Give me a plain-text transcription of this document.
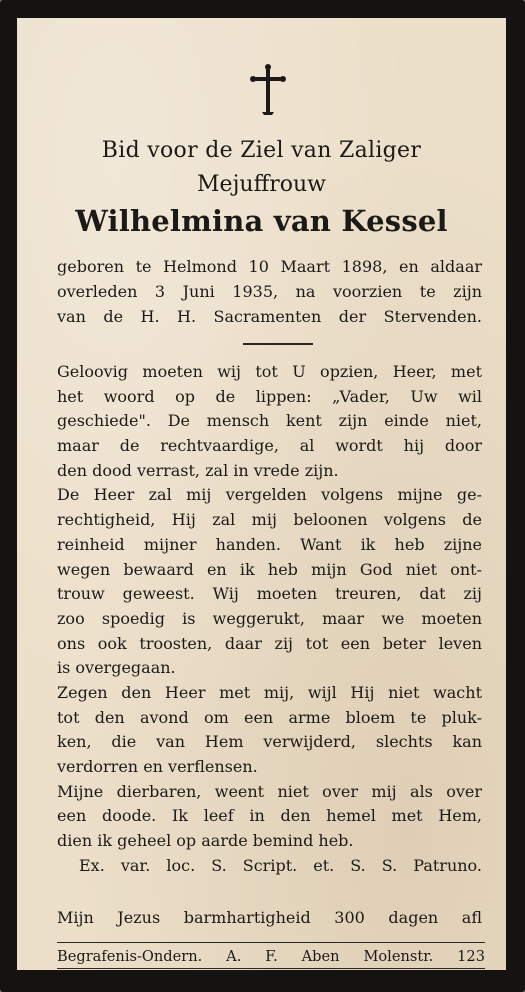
Bid voor de Ziel van Zaliger
Mejuffrouw
Wilhelmina van Kessel
geboren te Helmond 10 Maart 1898, en aldaar
overleden 3 Juni 1935, na voorzien te zijn
van de H. H. Sacramenten der Stervenden.
Geloovig moeten wij tot U opzien, Heer, met
het woord op de lippen: „Vader, Uw wil
geschiede". De mensch kent zijn einde niet,
maar de rechtvaardige, al wordt hij door
den dood verrast, zal in vrede zijn.
De Heer zal mij vergelden volgens mijne ge-
rechtigheid, Hij zal mij beloonen volgens de
reinheid mijner handen. Want ik heb zijne
wegen bewaard en ik heb mijn God niet ont-
trouw geweest. Wij moeten treuren, dat zij
zoo spoedig is weggerukt, maar we moeten
ons ook troosten, daar zij tot een beter leven
is overgegaan.
Zegen den Heer met mij, wijl Hij niet wacht
tot den avond om een arme bloem te pluk-
ken, die van Hem verwijderd, slechts kan
verdorren en verflensen.
Mijne dierbaren, weent niet over mij als over
een doode. Ik leef in den hemel met Hem,
dien ik geheel op aarde bemind heb.
Ex. var. loc. S. Script. et. S. S. Patruno.
Mijn Jezus barmhartigheid 300 dagen afl
Begrafenis-Ondern. A. F. Aben Molenstr. 123
